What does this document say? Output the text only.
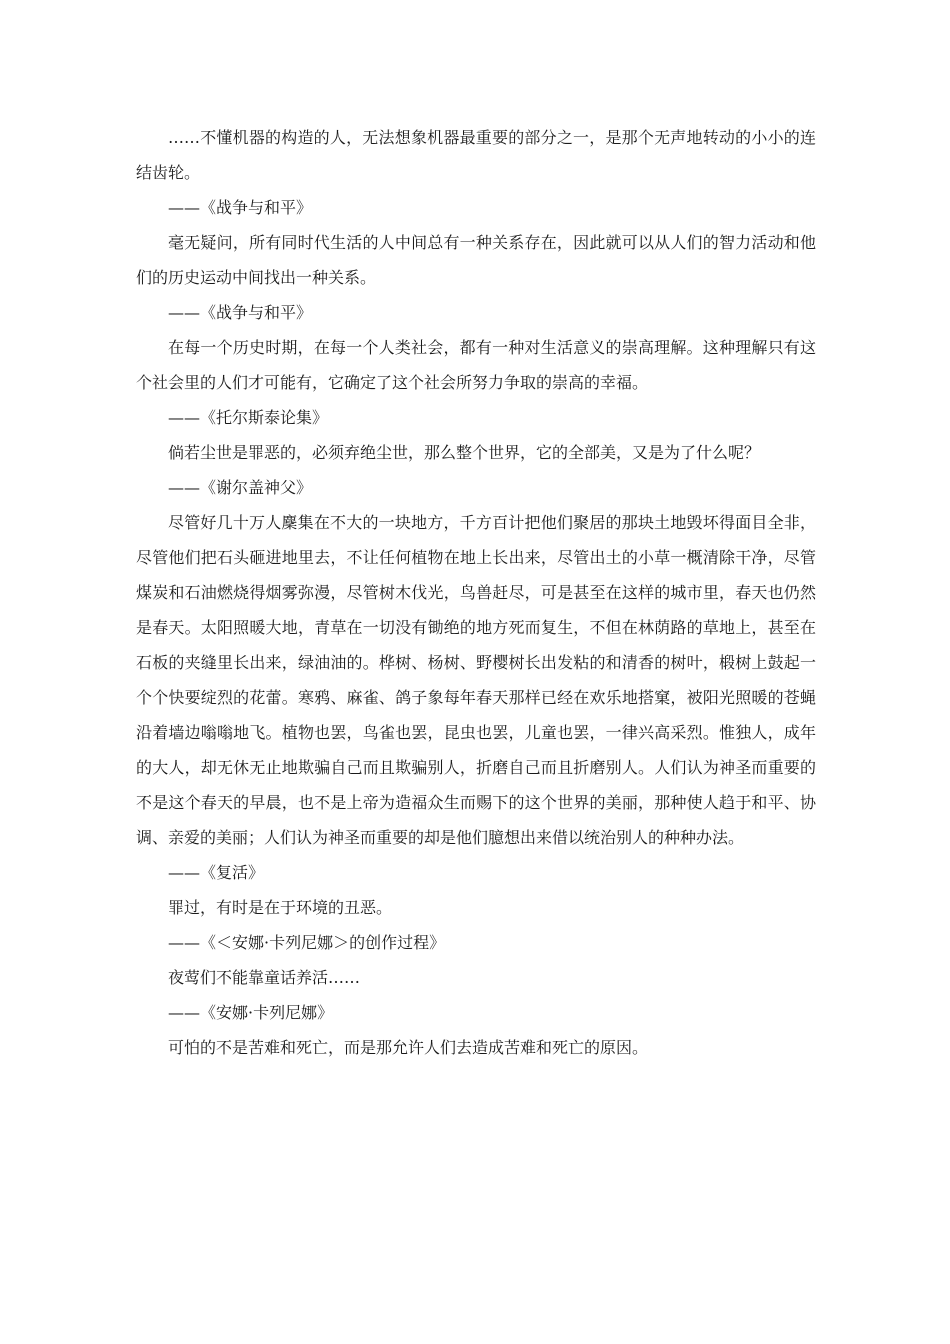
……不懂机器的构造的人，无法想象机器最重要的部分之一，是那个无声地转动的小小的连结齿轮。

——《战争与和平》

毫无疑问，所有同时代生活的人中间总有一种关系存在，因此就可以从人们的智力活动和他们的历史运动中间找出一种关系。

——《战争与和平》

在每一个历史时期，在每一个人类社会，都有一种对生活意义的崇高理解。这种理解只有这个社会里的人们才可能有，它确定了这个社会所努力争取的崇高的幸福。

——《托尔斯泰论集》

倘若尘世是罪恶的，必须弃绝尘世，那么整个世界，它的全部美，又是为了什么呢？

——《谢尔盖神父》

尽管好几十万人麇集在不大的一块地方，千方百计把他们聚居的那块土地毁坏得面目全非，尽管他们把石头砸进地里去，不让任何植物在地上长出来，尽管出土的小草一概清除干净，尽管煤炭和石油燃烧得烟雾弥漫，尽管树木伐光，鸟兽赶尽，可是甚至在这样的城市里，春天也仍然是春天。太阳照暖大地，青草在一切没有锄绝的地方死而复生，不但在林荫路的草地上，甚至在石板的夹缝里长出来，绿油油的。桦树、杨树、野樱树长出发粘的和清香的树叶，椴树上鼓起一个个快要绽烈的花蕾。寒鸦、麻雀、鸽子象每年春天那样已经在欢乐地搭窠，被阳光照暖的苍蝇沿着墙边嗡嗡地飞。植物也罢，鸟雀也罢，昆虫也罢，儿童也罢，一律兴高采烈。惟独人，成年的大人，却无休无止地欺骗自己而且欺骗别人，折磨自己而且折磨别人。人们认为神圣而重要的不是这个春天的早晨，也不是上帝为造福众生而赐下的这个世界的美丽，那种使人趋于和平、协调、亲爱的美丽；人们认为神圣而重要的却是他们臆想出来借以统治别人的种种办法。

——《复活》

罪过，有时是在于环境的丑恶。

——《＜安娜·卡列尼娜＞的创作过程》

夜莺们不能靠童话养活……

——《安娜·卡列尼娜》

可怕的不是苦难和死亡，而是那允许人们去造成苦难和死亡的原因。
